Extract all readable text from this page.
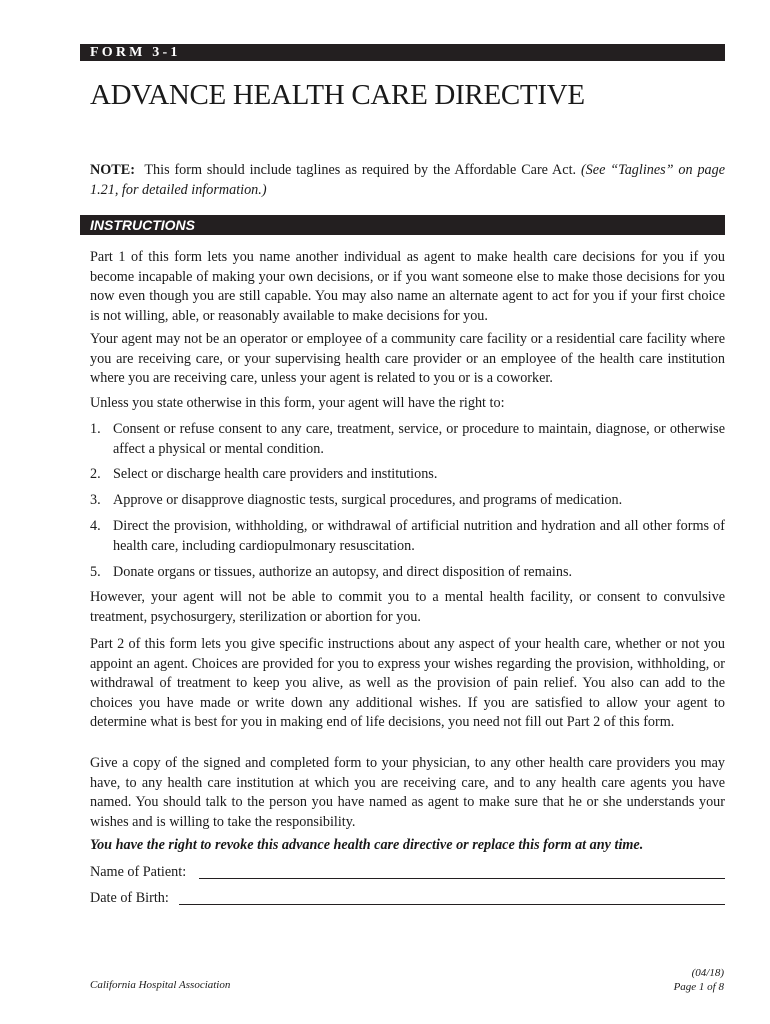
FORM 3-1
ADVANCE HEALTH CARE DIRECTIVE

NOTE: This form should include taglines as required by the Affordable Care Act. (See “Taglines” on page 1.21, for detailed information.)

INSTRUCTIONS

Part 1 of this form lets you name another individual as agent to make health care decisions for you if you become incapable of making your own decisions, or if you want someone else to make those decisions for you now even though you are still capable. You may also name an alternate agent to act for you if your first choice is not willing, able, or reasonably available to make decisions for you.

Your agent may not be an operator or employee of a community care facility or a residential care facility where you are receiving care, or your supervising health care provider or an employee of the health care institution where you are receiving care, unless your agent is related to you or is a coworker.

Unless you state otherwise in this form, your agent will have the right to:

1. Consent or refuse consent to any care, treatment, service, or procedure to maintain, diagnose, or otherwise affect a physical or mental condition.
2. Select or discharge health care providers and institutions.
3. Approve or disapprove diagnostic tests, surgical procedures, and programs of medication.
4. Direct the provision, withholding, or withdrawal of artificial nutrition and hydration and all other forms of health care, including cardiopulmonary resuscitation.
5. Donate organs or tissues, authorize an autopsy, and direct disposition of remains.

However, your agent will not be able to commit you to a mental health facility, or consent to convulsive treatment, psychosurgery, sterilization or abortion for you.

Part 2 of this form lets you give specific instructions about any aspect of your health care, whether or not you appoint an agent. Choices are provided for you to express your wishes regarding the provision, withholding, or withdrawal of treatment to keep you alive, as well as the provision of pain relief. You also can add to the choices you have made or write down any additional wishes. If you are satisfied to allow your agent to determine what is best for you in making end of life decisions, you need not fill out Part 2 of this form.

Give a copy of the signed and completed form to your physician, to any other health care providers you may have, to any health care institution at which you are receiving care, and to any health care agents you have named. You should talk to the person you have named as agent to make sure that he or she understands your wishes and is willing to take the responsibility.

You have the right to revoke this advance health care directive or replace this form at any time.

Name of Patient:
Date of Birth:
California Hospital Association
(04/18)
Page 1 of 8
